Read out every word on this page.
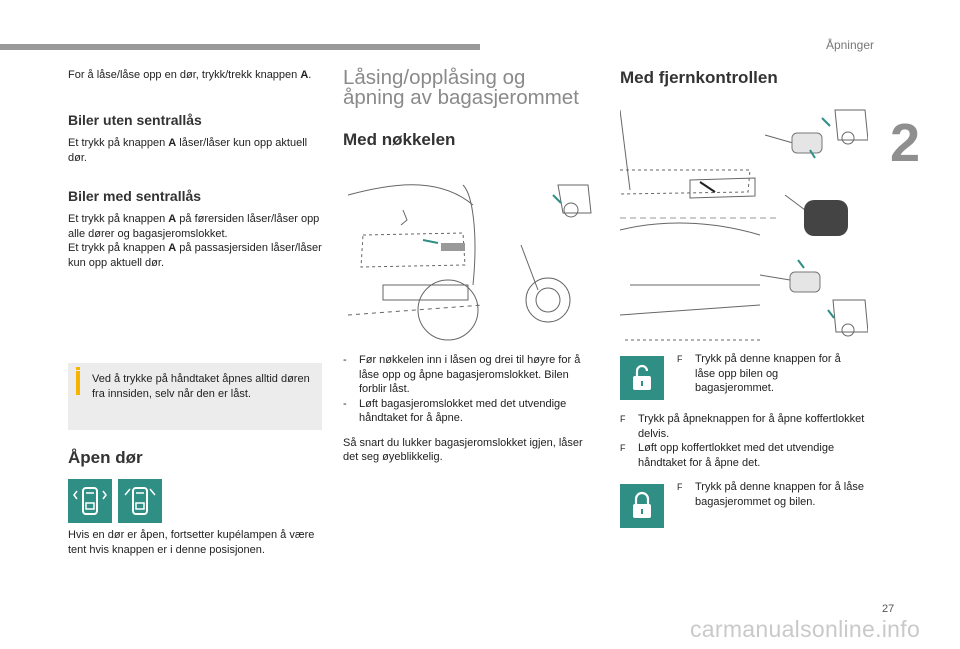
Åpninger
2
27
carmanualsonline.info

For å låse/låse opp en dør, trykk/trekk knappen A.

Biler uten sentrallås

Et trykk på knappen A låser/låser kun opp aktuell dør.

Biler med sentrallås

Et trykk på knappen A på førersiden låser/låser opp alle dører og bagasjeromslokket.

Et trykk på knappen A på passasjersiden låser/låser kun opp aktuell dør.

Ved å trykke på håndtaket åpnes alltid døren fra innsiden, selv når den er låst.
Åpen dør

Hvis en dør er åpen, fortsetter kupélampen å være tent hvis knappen er i denne posisjonen.

Låsing/opplåsing og
åpning av bagasjerommet
Med nøkkelen

- Før nøkkelen inn i låsen og drei til høyre for å låse opp og åpne bagasjeromslokket. Bilen forblir låst.

- Løft bagasjeromslokket med det utvendige håndtaket for å åpne.

Så snart du lukker bagasjeromslokket igjen, låser det seg øyeblikkelig.

Med fjernkontrollen

F Trykk på denne knappen for å låse opp bilen og bagasjerommet.

F Trykk på åpneknappen for å åpne koffertlokket delvis.

F Løft opp koffertlokket med det utvendige håndtaket for å åpne det.

F Trykk på denne knappen for å låse bagasjerommet og bilen.
